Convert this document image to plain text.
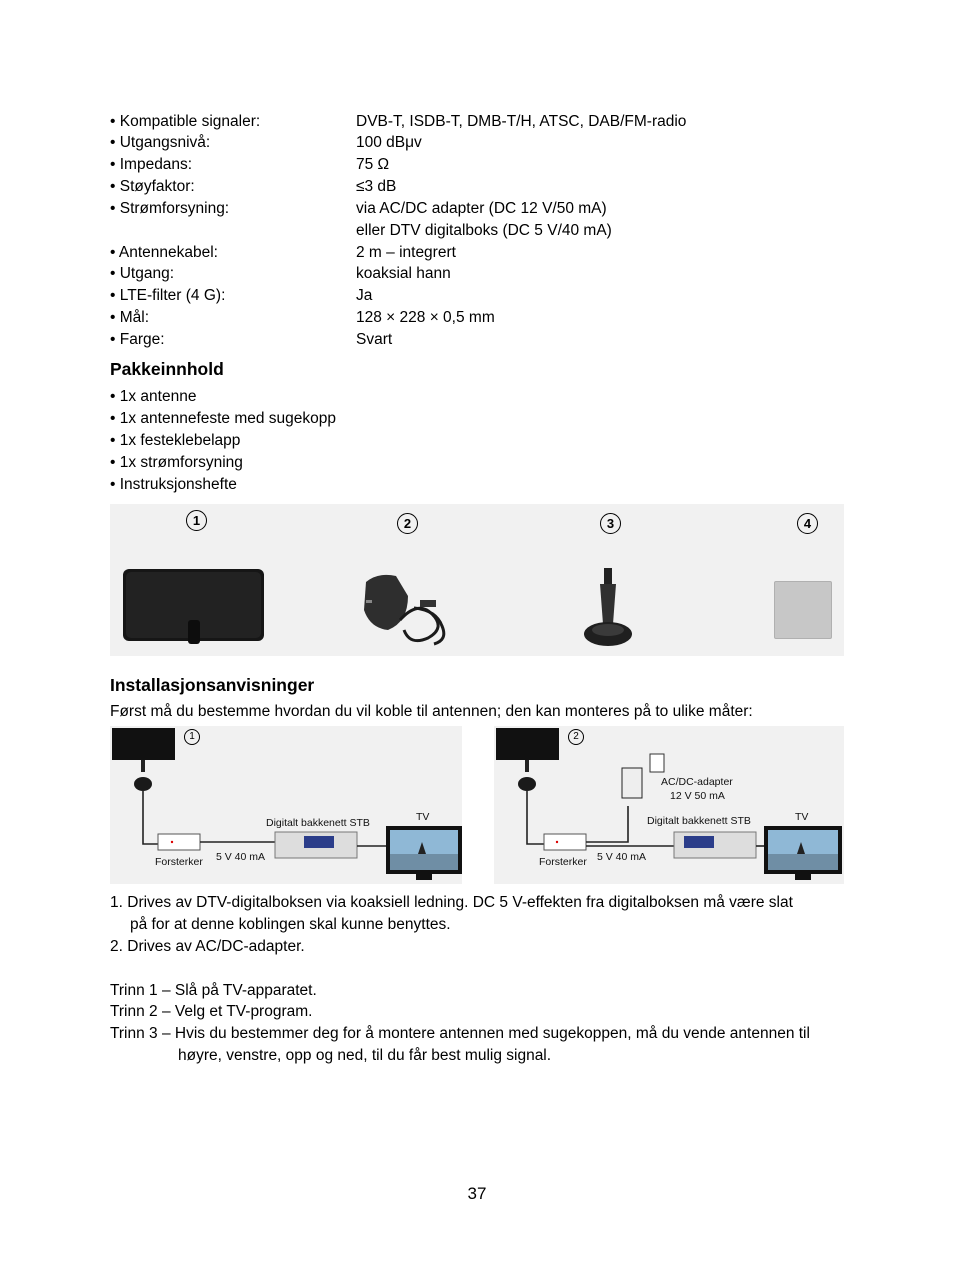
• Kompatible signaler:	DVB-T, ISDB-T, DMB-T/H, ATSC, DAB/FM-radio
• Utgangsnivå:	100 dBμv
• Impedans:	75 Ω
• Støyfaktor:	≤3 dB
• Strømforsyning:	via AC/DC adapter (DC 12 V/50 mA)
eller DTV digitalboks (DC 5 V/40 mA)
• Antennekabel:	2 m – integrert
• Utgang:	koaksial hann
• LTE-filter (4 G):	Ja
• Mål:	128 × 228 × 0,5 mm
• Farge:	Svart
Pakkeinnhold
• 1x antenne
• 1x antennefeste med sugekopp
• 1x festeklebelapp
• 1x strømforsyning
• Instruksjonshefte
1	2	3	4
Installasjonsanvisninger
Først må du bestemme hvordan du vil koble til antennen; den kan monteres på to ulike måter:
1
Digitalt bakkenett STB	TV
Forsterker 5 V 40 mA
2
AC/DC-adapter
12 V 50 mA
Digitalt bakkenett STB	TV
Forsterker 5 V 40 mA
1. Drives av DTV-digitalboksen via koaksiell ledning. DC 5 V-effekten fra digitalboksen må være slat
på for at denne koblingen skal kunne benyttes.
2. Drives av AC/DC-adapter.
Trinn 1 – Slå på TV-apparatet.
Trinn 2 – Velg et TV-program.
Trinn 3 – Hvis du bestemmer deg for å montere antennen med sugekoppen, må du vende antennen til
høyre, venstre, opp og ned, til du får best mulig signal.
37
